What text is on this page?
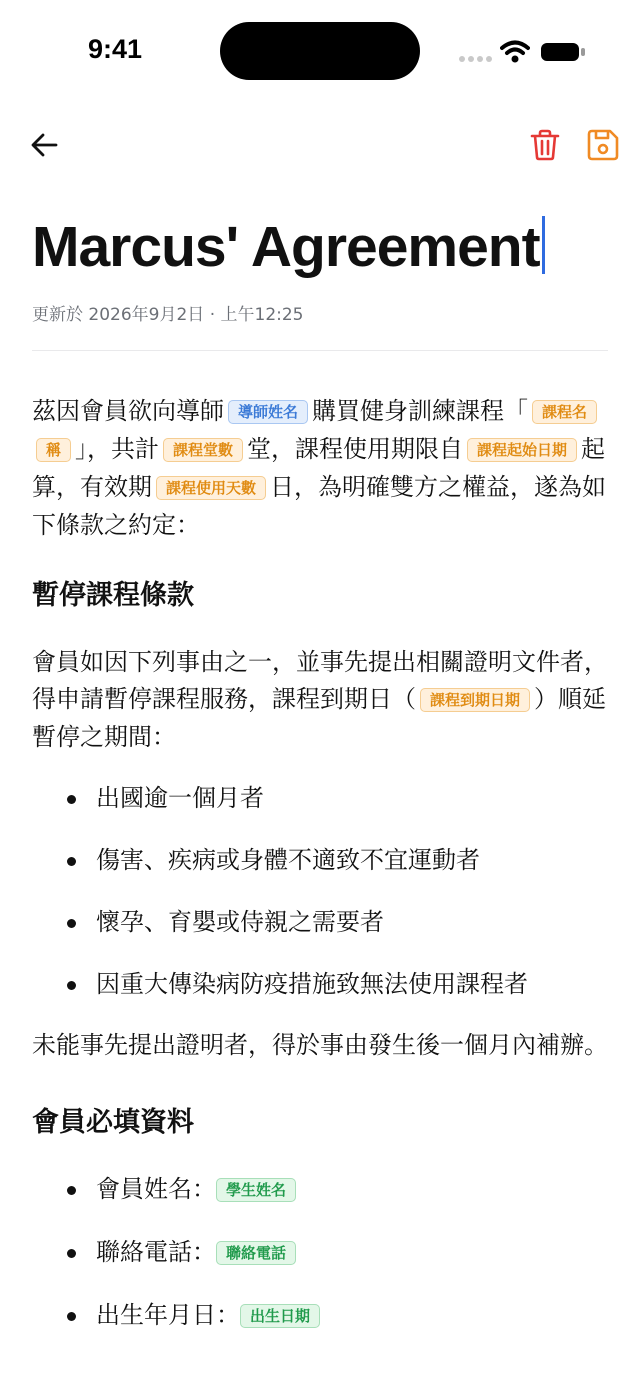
9:41
Marcus' Agreement
更新於 2026年9月2日 · 上午12:25

茲因會員欲向導師 導師姓名 購買健身訓練課程「 課程名稱 」，共計 課程堂數 堂，課程使用期限自 課程起始日期 起算，有效期 課程使用天數 日，為明確雙方之權益，遂為如下條款之約定：

暫停課程條款

會員如因下列事由之一，並事先提出相關證明文件者，得申請暫停課程服務，課程到期日（ 課程到期日期 ）順延暫停之期間：

出國逾一個月者
傷害、疾病或身體不適致不宜運動者
懷孕、育嬰或侍親之需要者
因重大傳染病防疫措施致無法使用課程者

未能事先提出證明者，得於事由發生後一個月內補辦。

會員必填資料
會員姓名： 學生姓名
聯絡電話： 聯絡電話
出生年月日： 出生日期
